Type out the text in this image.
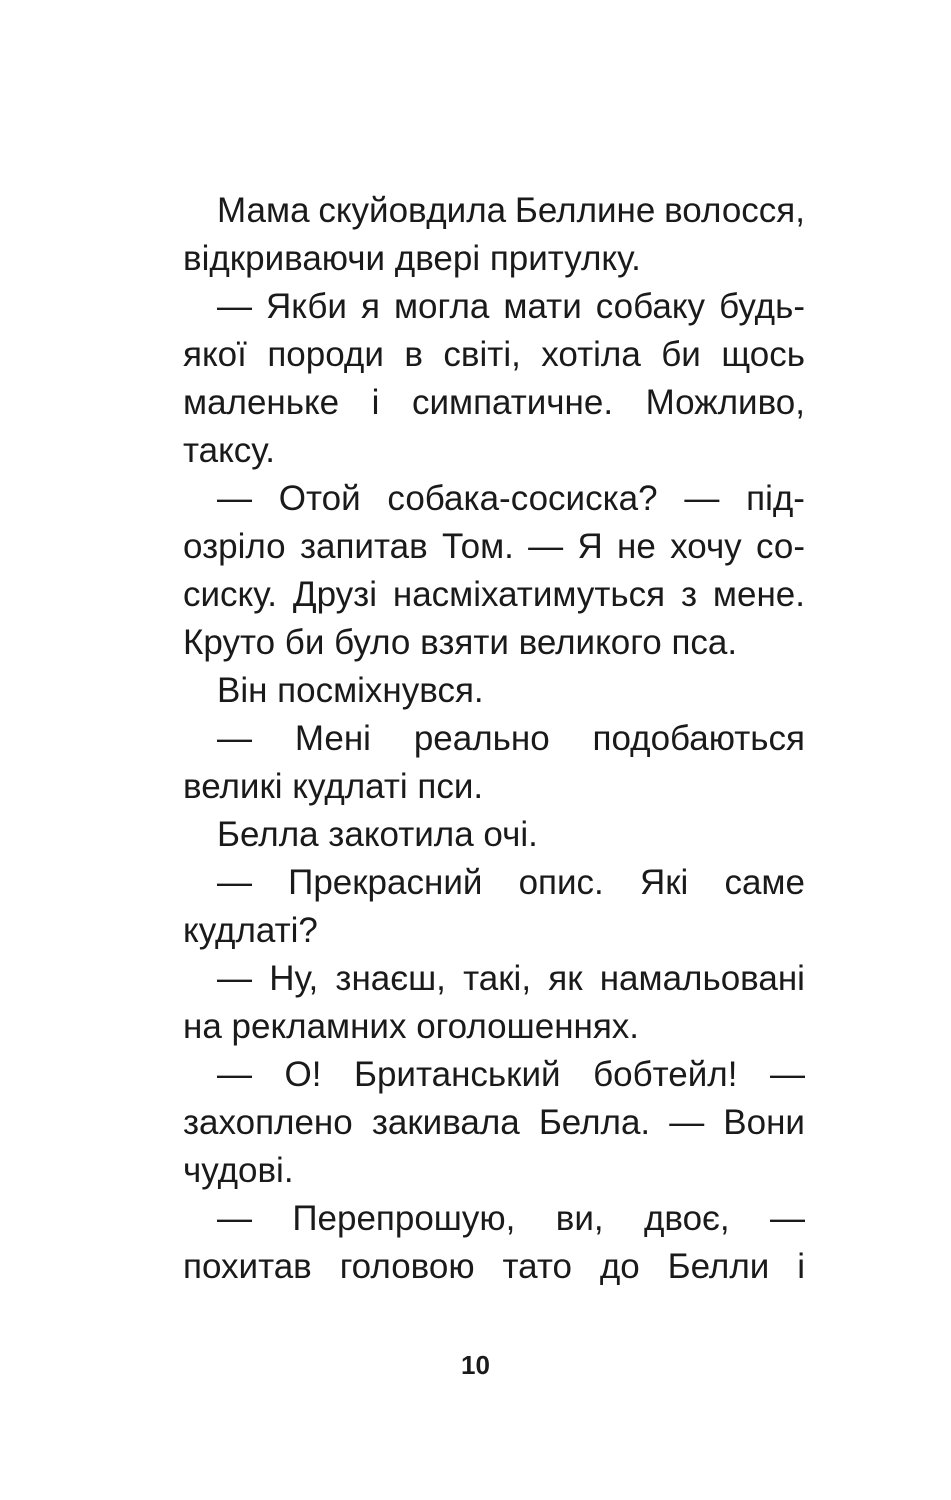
Мама скуйовдила Беллине волосся,
відкриваючи двері притулку.
— Якби я могла мати собаку будь-
якої породи в світі, хотіла би щось
маленьке і симпатичне. Можливо,
таксу.
— Отой собака-сосиска? — під-
озріло запитав Том. — Я не хочу со-
сиску. Друзі насміхатимуться з мене.
Круто би було взяти великого пса.
Він посміхнувся.
— Мені реально подобаються
великі кудлаті пси.
Белла закотила очі.
— Прекрасний опис. Які саме
кудлаті?
— Ну, знаєш, такі, як намальовані
на рекламних оголошеннях.
— О! Британський бобтейл! —
захоплено закивала Белла. — Вони
чудові.
— Перепрошую, ви, двоє, —
похитав головою тато до Белли і
10
